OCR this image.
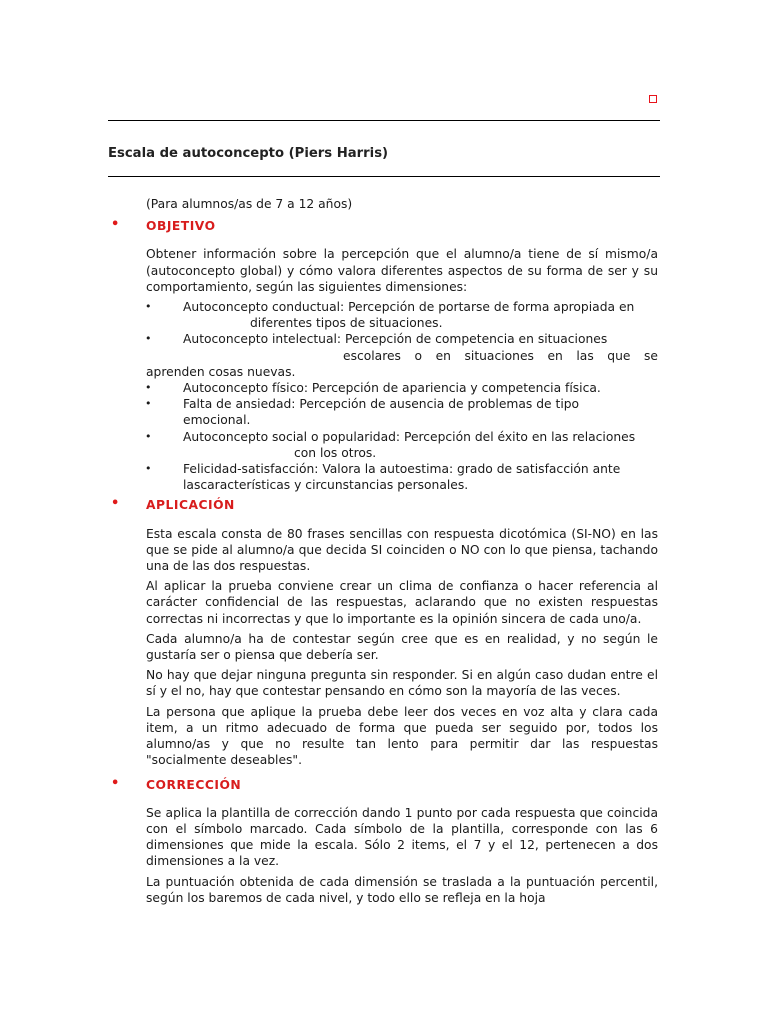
Escala de autoconcepto (Piers Harris)

(Para alumnos/as de 7 a 12 años)

• OBJETIVO

Obtener información sobre la percepción que el alumno/a tiene de sí mismo/a (autoconcepto global) y cómo valora diferentes aspectos de su forma de ser y su comportamiento, según las siguientes dimensiones:

•	Autoconcepto conductual: Percepción de portarse de forma apropiada en

diferentes tipos de situaciones.
•	Autoconcepto intelectual: Percepción de competencia en situaciones

escolares o en situaciones en las que se
aprenden cosas nuevas.
•	Autoconcepto físico: Percepción de apariencia y competencia física.
•	Falta de ansiedad: Percepción de ausencia de problemas de tipo
emocional.
•	Autoconcepto social o popularidad: Percepción del éxito en las relaciones

con los otros.
•	Felicidad-satisfacción: Valora la autoestima: grado de satisfacción ante
lascaracterísticas y circunstancias personales.
• APLICACIÓN

Esta escala consta de 80 frases sencillas con respuesta dicotómica (SI-NO) en las que se pide al alumno/a que decida SI coinciden o NO con lo que piensa, tachando una de las dos respuestas.

Al aplicar la prueba conviene crear un clima de confianza o hacer referencia al carácter confidencial de las respuestas, aclarando que no existen respuestas correctas ni incorrectas y que lo importante es la opinión sincera de cada uno/a.

Cada alumno/a ha de contestar según cree que es en realidad, y no según le gustaría ser o piensa que debería ser.

No hay que dejar ninguna pregunta sin responder. Si en algún caso dudan entre el sí y el no, hay que contestar pensando en cómo son la mayoría de las veces.

La persona que aplique la prueba debe leer dos veces en voz alta y clara cada item, a un ritmo adecuado de forma que pueda ser seguido por, todos los alumno/as y que no resulte tan lento para permitir dar las respuestas "socialmente deseables".

• CORRECCIÓN

Se aplica la plantilla de corrección dando 1 punto por cada respuesta que coincida con el símbolo marcado. Cada símbolo de la plantilla, corresponde con las 6 dimensiones que mide la escala. Sólo 2 items, el 7 y el 12, pertenecen a dos dimensiones a la vez.

La puntuación obtenida de cada dimensión se traslada a la puntuación percentil, según los baremos de cada nivel, y todo ello se refleja en la hoja
